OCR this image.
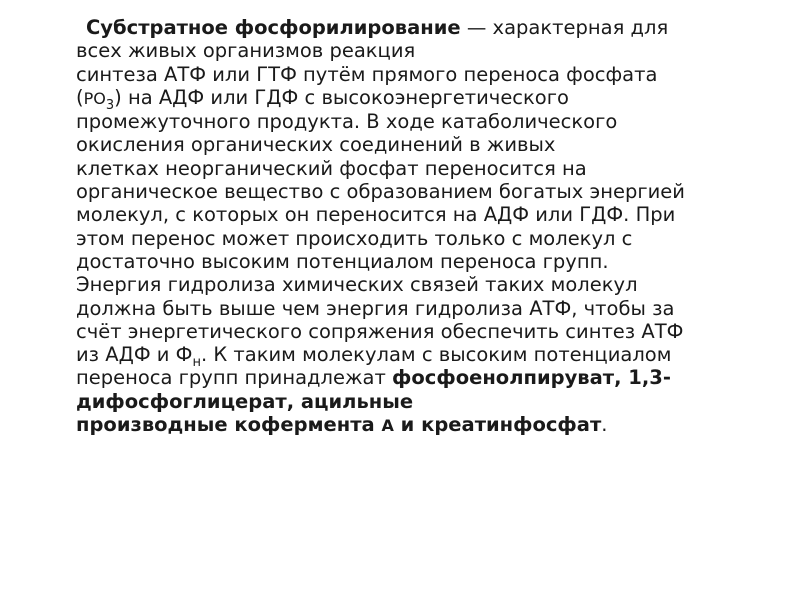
Субстратное фосфорилирование — характерная для
всех живых организмов реакция
синтеза АТФ или ГТФ путём прямого переноса фосфата
$(PO_3)$ на АДФ или ГДФ с высокоэнергетического
промежуточного продукта. В ходе катаболического
окисления органических соединений в живых
клетках неорганический фосфат переносится на
органическое вещество с образованием богатых энергией
молекул, с которых он переносится на АДФ или ГДФ. При
этом перенос может происходить только с молекул с
достаточно высоким потенциалом переноса групп.
Энергия гидролиза химических связей таких молекул
должна быть выше чем энергия гидролиза АТФ, чтобы за
счёт энергетического сопряжения обеспечить синтез АТФ
из АДФ и $Ф_н$. К таким молекулам с высоким потенциалом
переноса групп принадлежат фосфоенолпируват, 1,3-
дифосфоглицерат, ацильные
производные кофермента A и креатинфосфат.
